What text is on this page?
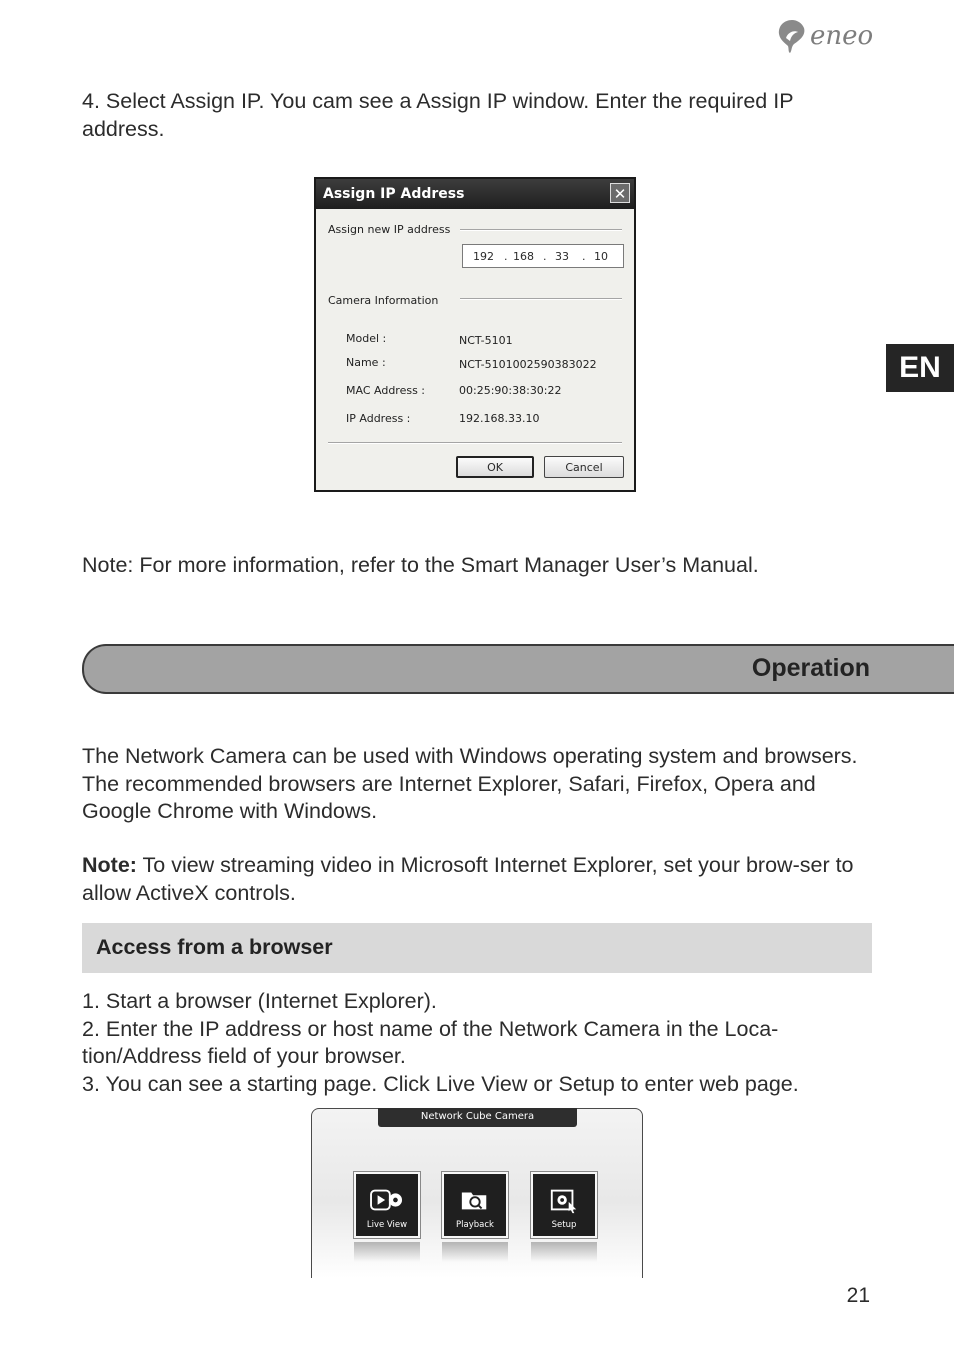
eneo
4. Select Assign IP. You cam see a Assign IP window. Enter the required IP address.
EN
Assign IP Address	✕
Assign new IP address
192 . 168 . 33 . 10
Camera Information
Model :	NCT-5101
Name :	NCT-5101002590383022
MAC Address :	00:25:90:38:30:22
IP Address :	192.168.33.10
OK	Cancel
Note: For more information, refer to the Smart Manager User’s Manual.
Operation
The Network Camera can be used with Windows operating system and browsers. The recommended browsers are Internet Explorer, Safari, Firefox, Opera and Google Chrome with Windows.
Note: To view streaming video in Microsoft Internet Explorer, set your brow-ser to allow ActiveX controls.
Access from a browser
1. Start a browser (Internet Explorer).
2. Enter the IP address or host name of the Network Camera in the Loca-tion/Address field of your browser.
3. You can see a starting page. Click Live View or Setup to enter web page.
Network Cube Camera
Live View	Playback	Setup
21
